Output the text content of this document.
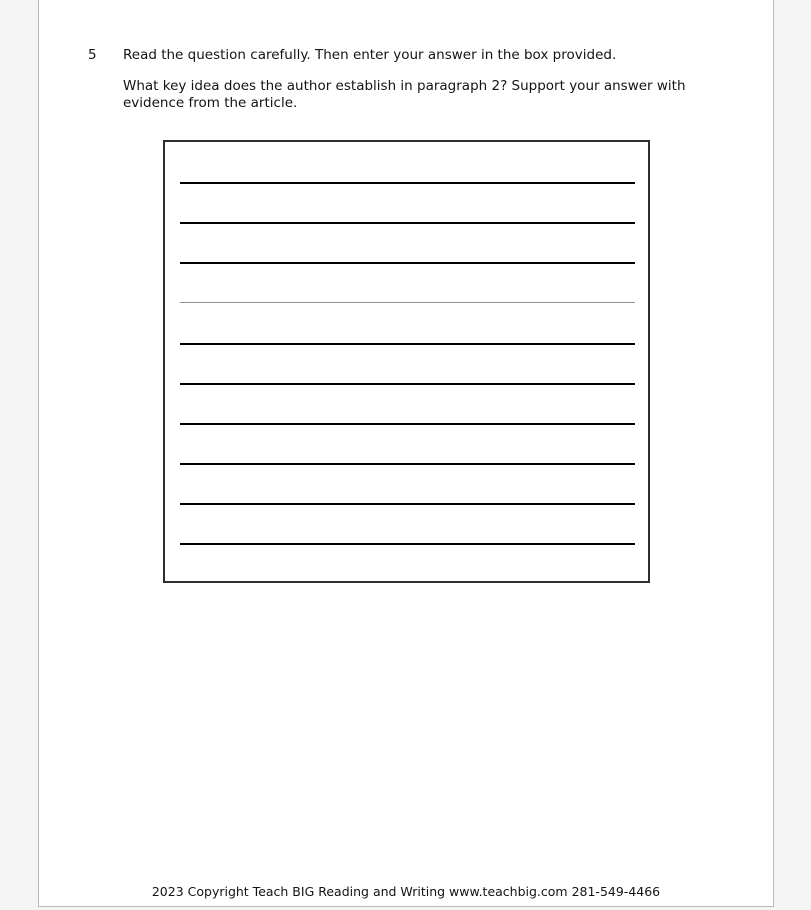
5 Read the question carefully. Then enter your answer in the box provided.
What key idea does the author establish in paragraph 2? Support your answer with evidence from the article.
2023 Copyright Teach BIG Reading and Writing www.teachbig.com 281-549-4466
